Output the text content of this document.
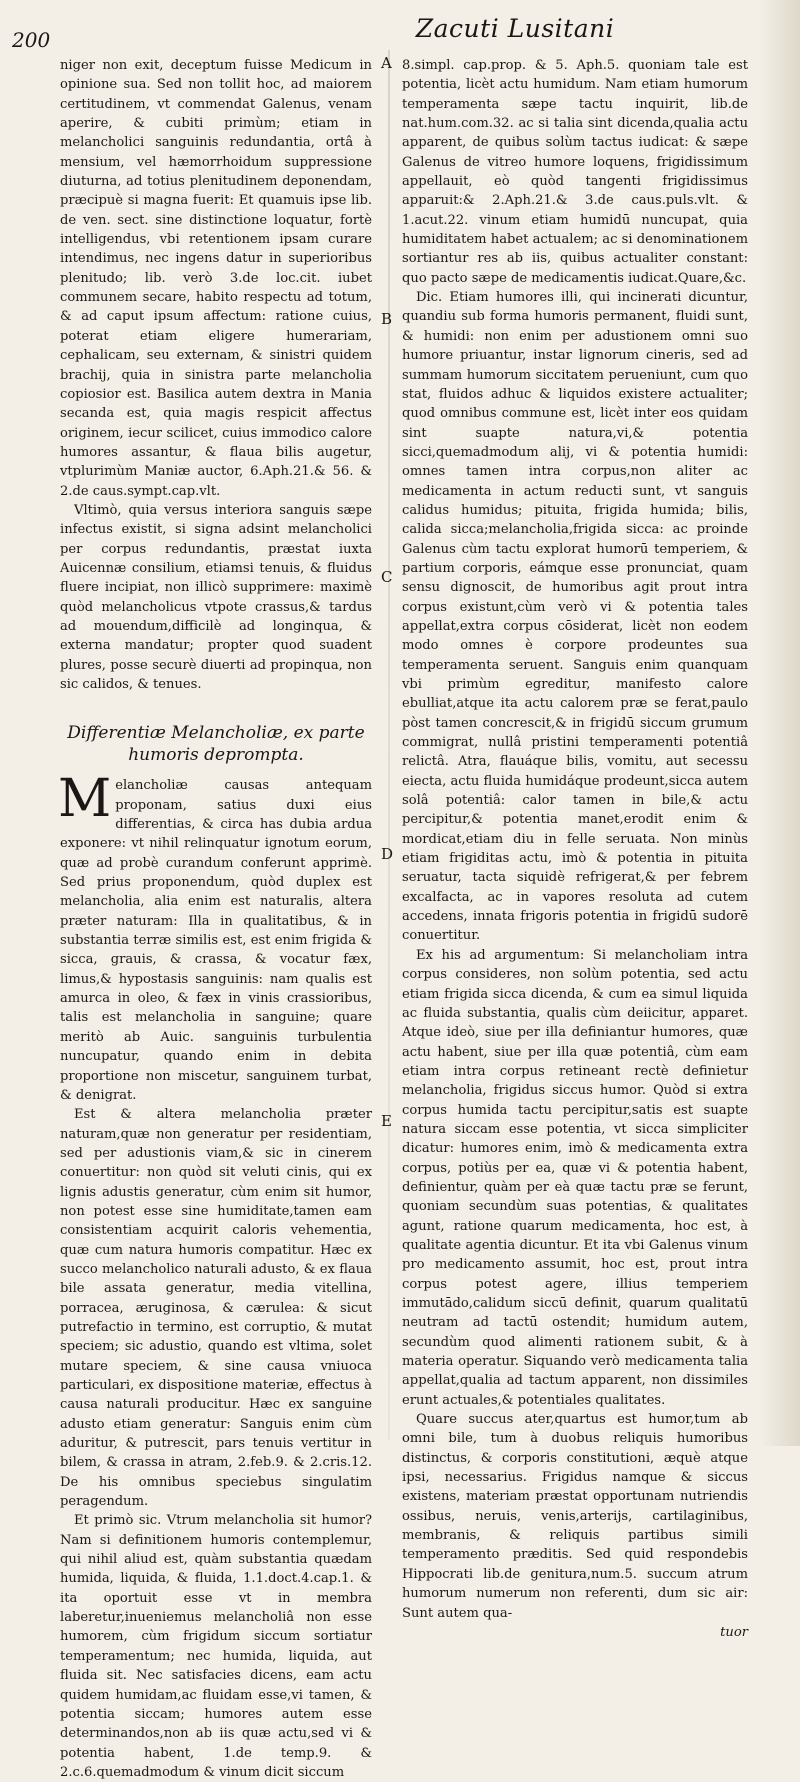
200	Zacuti Lusitani
A
B
C
D
E

niger non exit, deceptum fuisse Medicum in opinione sua. Sed non tollit hoc, ad maiorem certitudinem, vt commendat Galenus, venam aperire, & cubiti primùm; etiam in melancholici sanguinis redundantia, ortâ à mensium, vel hæmorrhoidum suppressione diuturna, ad totius plenitudinem deponendam, præcipuè si magna fuerit: Et quamuis ipse lib. de ven. sect. sine distinctione loquatur, fortè intelligendus, vbi retentionem ipsam curare intendimus, nec ingens datur in superioribus plenitudo; lib. verò 3.de loc.cit. iubet communem secare, habito respectu ad totum, & ad caput ipsum affectum: ratione cuius, poterat etiam eligere humerariam, cephalicam, seu externam, & sinistri quidem brachij, quia in sinistra parte melancholia copiosior est. Basilica autem dextra in Mania secanda est, quia magis respicit affectus originem, iecur scilicet, cuius immodico calore humores assantur, & flaua bilis augetur, vtplurimùm Maniæ auctor, 6.Aph.21.& 56. & 2.de caus.sympt.cap.vlt.

Vltimò, quia versus interiora sanguis sæpe infectus existit, si signa adsint melancholici per corpus redundantis, præstat iuxta Auicennæ consilium, etiamsi tenuis, & fluidus fluere incipiat, non illicò supprimere: maximè quòd melancholicus vtpote crassus,& tardus ad mouendum,difficilè ad longinqua, & externa mandatur; propter quod suadent plures, posse securè diuerti ad propinqua, non sic calidos, & tenues.

Differentiæ Melancholiæ, ex parte humoris deprompta.

Melancholiæ causas antequam proponam, satius duxi eius differentias, & circa has dubia ardua exponere: vt nihil relinquatur ignotum eorum, quæ ad probè curandum conferunt apprimè. Sed prius proponendum, quòd duplex est melancholia, alia enim est naturalis, altera præter naturam: Illa in qualitatibus, & in substantia terræ similis est, est enim frigida & sicca, grauis, & crassa, & vocatur fæx, limus,& hypostasis sanguinis: nam qualis est amurca in oleo, & fæx in vinis crassioribus, talis est melancholia in sanguine; quare meritò ab Auic. sanguinis turbulentia nuncupatur, quando enim in debita proportione non miscetur, sanguinem turbat, & denigrat.

Est & altera melancholia præter naturam,quæ non generatur per residentiam, sed per adustionis viam,& sic in cinerem conuertitur: non quòd sit veluti cinis, qui ex lignis adustis generatur, cùm enim sit humor, non potest esse sine humiditate,tamen eam consistentiam acquirit caloris vehementia, quæ cum natura humoris compatitur. Hæc ex succo melancholico naturali adusto, & ex flaua bile assata generatur, media vitellina, porracea, æruginosa, & cærulea: & sicut putrefactio in termino, est corruptio, & mutat speciem; sic adustio, quando est vltima, solet mutare speciem, & sine causa vniuoca particulari, ex dispositione materiæ, effectus à causa naturali producitur. Hæc ex sanguine adusto etiam generatur: Sanguis enim cùm aduritur, & putrescit, pars tenuis vertitur in bilem, & crassa in atram, 2.feb.9. & 2.cris.12. De his omnibus speciebus singulatim peragendum.

Et primò sic. Vtrum melancholia sit humor? Nam si definitionem humoris contemplemur, qui nihil aliud est, quàm substantia quædam humida, liquida, & fluida, 1.1.doct.4.cap.1. & ita oportuit esse vt in membra laberetur,inueniemus melancholiâ non esse humorem, cùm frigidum siccum sortiatur temperamentum; nec humida, liquida, aut fluida sit. Nec satisfacies dicens, eam actu quidem humidam,ac fluidam esse,vi tamen, & potentia siccam; humores autem esse determinandos,non ab iis quæ actu,sed vi & potentia habent, 1.de temp.9. & 2.c.6.quemadmodum & vinum dicit siccum

8.simpl. cap.prop. & 5. Aph.5. quoniam tale est potentia, licèt actu humidum. Nam etiam humorum temperamenta sæpe tactu inquirit, lib.de nat.hum.com.32. ac si talia sint dicenda,qualia actu apparent, de quibus solùm tactus iudicat: & sæpe Galenus de vitreo humore loquens, frigidissimum appellauit, eò quòd tangenti frigidissimus apparuit:& 2.Aph.21.& 3.de caus.puls.vlt. & 1.acut.22. vinum etiam humidū nuncupat, quia humiditatem habet actualem; ac si denominationem sortiantur res ab iis, quibus actualiter constant: quo pacto sæpe de medicamentis iudicat.Quare,&c.

Dic. Etiam humores illi, qui incinerati dicuntur, quandiu sub forma humoris permanent, fluidi sunt, & humidi: non enim per adustionem omni suo humore priuantur, instar lignorum cineris, sed ad summam humorum siccitatem perueniunt, cum quo stat, fluidos adhuc & liquidos existere actualiter; quod omnibus commune est, licèt inter eos quidam sint suapte natura,vi,& potentia sicci,quemadmodum alij, vi & potentia humidi: omnes tamen intra corpus,non aliter ac medicamenta in actum reducti sunt, vt sanguis calidus humidus; pituita, frigida humida; bilis, calida sicca;melancholia,frigida sicca: ac proinde Galenus cùm tactu explorat humorū temperiem, & partium corporis, eámque esse pronunciat, quam sensu dignoscit, de humoribus agit prout intra corpus existunt,cùm verò vi & potentia tales appellat,extra corpus cōsiderat, licèt non eodem modo omnes è corpore prodeuntes sua temperamenta seruent. Sanguis enim quanquam vbi primùm egreditur, manifesto calore ebulliat,atque ita actu calorem præ se ferat,paulo pòst tamen concrescit,& in frigidū siccum grumum commigrat, nullâ pristini temperamenti potentiâ relictâ. Atra, flauáque bilis, vomitu, aut secessu eiecta, actu fluida humidáque prodeunt,sicca autem solâ potentiâ: calor tamen in bile,& actu percipitur,& potentia manet,erodit enim & mordicat,etiam diu in felle seruata. Non minùs etiam frigiditas actu, imò & potentia in pituita seruatur, tacta siquidè refrigerat,& per febrem excalfacta, ac in vapores resoluta ad cutem accedens, innata frigoris potentia in frigidū sudorē conuertitur.

Ex his ad argumentum: Si melancholiam intra corpus consideres, non solùm potentia, sed actu etiam frigida sicca dicenda, & cum ea simul liquida ac fluida substantia, qualis cùm deiicitur, apparet. Atque ideò, siue per illa definiantur humores, quæ actu habent, siue per illa quæ potentiâ, cùm eam etiam intra corpus retineant rectè definietur melancholia, frigidus siccus humor. Quòd si extra corpus humida tactu percipitur,satis est suapte natura siccam esse potentia, vt sicca simpliciter dicatur: humores enim, imò & medicamenta extra corpus, potiùs per ea, quæ vi & potentia habent, definientur, quàm per eà quæ tactu præ se ferunt, quoniam secundùm suas potentias, & qualitates agunt, ratione quarum medicamenta, hoc est, à qualitate agentia dicuntur. Et ita vbi Galenus vinum pro medicamento assumit, hoc est, prout intra corpus potest agere, illius temperiem immutādo,calidum siccū definit, quarum qualitatū neutram ad tactū ostendit; humidum autem, secundùm quod alimenti rationem subit, & à materia operatur. Siquando verò medicamenta talia appellat,qualia ad tactum apparent, non dissimiles erunt actuales,& potentiales qualitates.

Quare succus ater,quartus est humor,tum ab omni bile, tum à duobus reliquis humoribus distinctus, & corporis constitutioni, æquè atque ipsi, necessarius. Frigidus namque & siccus existens, materiam præstat opportunam nutriendis ossibus, neruis, venis,arterijs, cartilaginibus, membranis, & reliquis partibus simili temperamento præditis. Sed quid respondebis Hippocrati lib.de genitura,num.5. succum atrum humorum numerum non referenti, dum sic air: Sunt autem qua-

tuor
